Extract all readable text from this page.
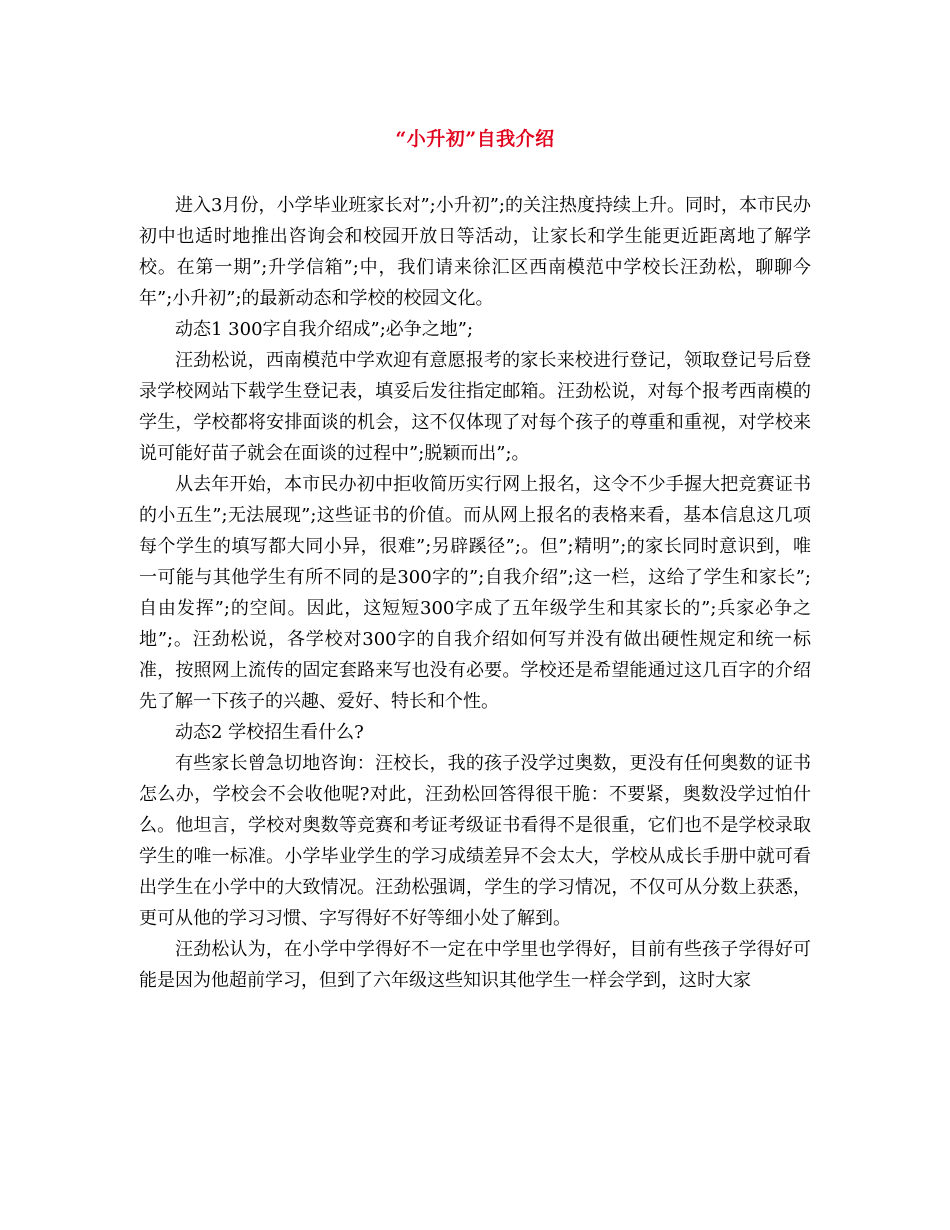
“小升初”自我介绍

进入3月份，小学毕业班家长对”;小升初”;的关注热度持续上升。同时，本市民办初中也适时地推出咨询会和校园开放日等活动，让家长和学生能更近距离地了解学校。在第一期”;升学信箱”;中，我们请来徐汇区西南模范中学校长汪劲松，聊聊今年”;小升初”;的最新动态和学校的校园文化。

动态1 300字自我介绍成”;必争之地”;

汪劲松说，西南模范中学欢迎有意愿报考的家长来校进行登记，领取登记号后登录学校网站下载学生登记表，填妥后发往指定邮箱。汪劲松说，对每个报考西南模的学生，学校都将安排面谈的机会，这不仅体现了对每个孩子的尊重和重视，对学校来说可能好苗子就会在面谈的过程中”;脱颖而出”;。

从去年开始，本市民办初中拒收简历实行网上报名，这令不少手握大把竞赛证书的小五生”;无法展现”;这些证书的价值。而从网上报名的表格来看，基本信息这几项每个学生的填写都大同小异，很难”;另辟蹊径”;。但”;精明”;的家长同时意识到，唯一可能与其他学生有所不同的是300字的”;自我介绍”;这一栏，这给了学生和家长”;自由发挥”;的空间。因此，这短短300字成了五年级学生和其家长的”;兵家必争之地”;。汪劲松说，各学校对300字的自我介绍如何写并没有做出硬性规定和统一标准，按照网上流传的固定套路来写也没有必要。学校还是希望能通过这几百字的介绍先了解一下孩子的兴趣、爱好、特长和个性。

动态2 学校招生看什么?

有些家长曾急切地咨询：汪校长，我的孩子没学过奥数，更没有任何奥数的证书怎么办，学校会不会收他呢?对此，汪劲松回答得很干脆：不要紧，奥数没学过怕什么。他坦言，学校对奥数等竞赛和考证考级证书看得不是很重，它们也不是学校录取学生的唯一标准。小学毕业学生的学习成绩差异不会太大，学校从成长手册中就可看出学生在小学中的大致情况。汪劲松强调，学生的学习情况，不仅可从分数上获悉，更可从他的学习习惯、字写得好不好等细小处了解到。

汪劲松认为，在小学中学得好不一定在中学里也学得好，目前有些孩子学得好可能是因为他超前学习，但到了六年级这些知识其他学生一样会学到，这时大家
